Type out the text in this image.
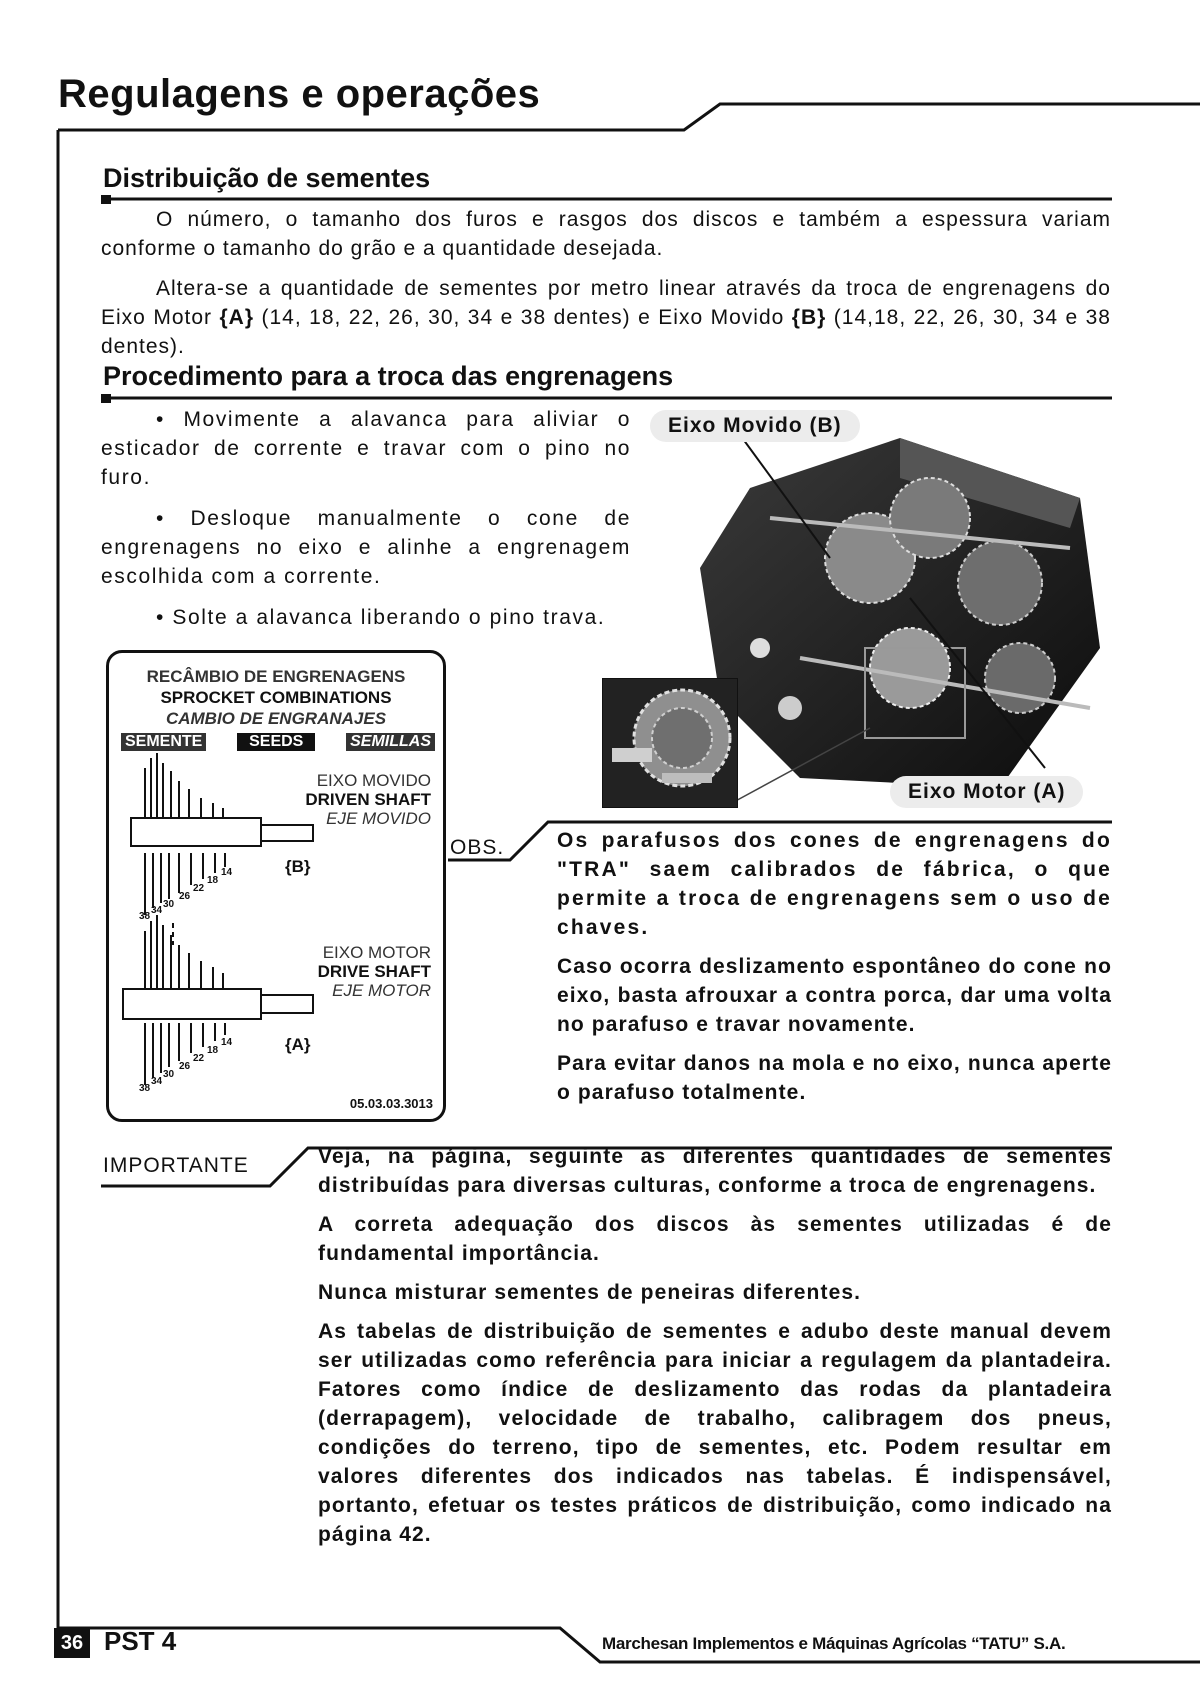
Regulagens e operações
Distribuição de sementes

O número, o tamanho dos furos e rasgos dos discos e também a espessura variam conforme o tamanho do grão e a quantidade desejada.

Altera-se a quantidade de sementes por metro linear através da troca de engrenagens do Eixo Motor {A} (14, 18, 22, 26, 30, 34 e 38 dentes) e Eixo Movido {B} (14,18, 22, 26, 30, 34 e 38 dentes).

Procedimento para a troca das engrenagens

• Movimente a alavanca para aliviar o esticador de corrente e travar com o pino no furo.

• Desloque manualmente o cone de engrenagens no eixo e alinhe a engrenagem escolhida com a corrente.

• Solte a alavanca liberando o pino trava.

Eixo Movido (B)
Eixo Motor (A)
RECÂMBIO DE ENGRENAGENS
SPROCKET COMBINATIONS
CAMBIO DE ENGRANAJES
SEMENTE	SEEDS	SEMILLAS
EIXO MOVIDO
DRIVEN SHAFT
EJE MOVIDO
{B}
EIXO MOTOR
DRIVE SHAFT
EJE MOTOR
{A}
05.03.03.3013
38
34
30
26
22
18
14
38
34
30
26
22
18
14
OBS.	Os parafusos dos cones de engrenagens do "TRA" saem calibrados de fábrica, o que permite a troca de engrenagens sem o uso de chaves.

Caso ocorra deslizamento espontâneo do cone no eixo, basta afrouxar a contra porca, dar uma volta no parafuso e travar novamente.

Para evitar danos na mola e no eixo, nunca aperte o parafuso totalmente.

IMPORTANTE	Veja, na página, seguinte as diferentes quantidades de sementes distribuídas para diversas culturas, conforme a troca de engrenagens.

A correta adequação dos discos às sementes utilizadas é de fundamental importância.

Nunca misturar sementes de peneiras diferentes.

As tabelas de distribuição de sementes e adubo deste manual devem ser utilizadas como referência para iniciar a regulagem da plantadeira. Fatores como índice de deslizamento das rodas da plantadeira (derrapagem), velocidade de trabalho, calibragem dos pneus, condições do terreno, tipo de sementes, etc. Podem resultar em valores diferentes dos indicados nas tabelas. É indispensável, portanto, efetuar os testes práticos de distribuição, como indicado na página 42.

36 PST 4	Marchesan Implementos e Máquinas Agrícolas “TATU” S.A.
